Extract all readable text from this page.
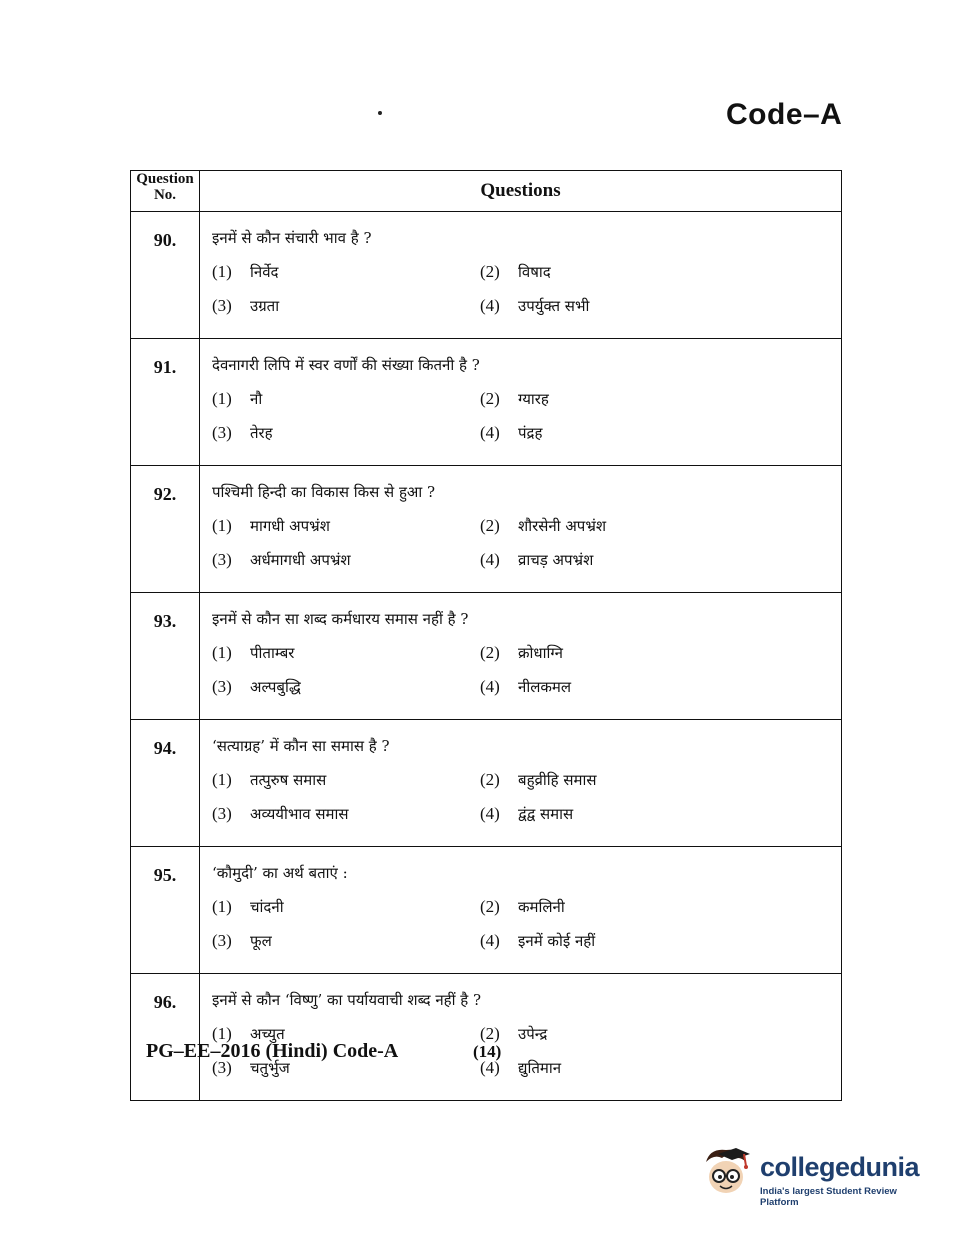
Code–A
Question No.	Questions
90.	इनमें से कौन संचारी भाव है ?
(1) निर्वेद (2) विषाद
(3) उग्रता (4) उपर्युक्त सभी

91.	देवनागरी लिपि में स्वर वर्णों की संख्या कितनी है ?
(1) नौ (2) ग्यारह
(3) तेरह (4) पंद्रह

92.	पश्चिमी हिन्दी का विकास किस से हुआ ?
(1) मागधी अपभ्रंश (2) शौरसेनी अपभ्रंश
(3) अर्धमागधी अपभ्रंश (4) व्राचड़ अपभ्रंश

93.	इनमें से कौन सा शब्द कर्मधारय समास नहीं है ?
(1) पीताम्बर (2) क्रोधाग्नि
(3) अल्पबुद्धि (4) नीलकमल

94.	‘सत्याग्रह’ में कौन सा समास है ?
(1) तत्पुरुष समास (2) बहुव्रीहि समास
(3) अव्ययीभाव समास (4) द्वंद्व समास

95.	‘कौमुदी’ का अर्थ बताएं :
(1) चांदनी (2) कमलिनी
(3) फूल (4) इनमें कोई नहीं

96.	इनमें से कौन ‘विष्णु’ का पर्यायवाची शब्द नहीं है ?
(1) अच्युत (2) उपेन्द्र
(3) चतुर्भुज (4) द्युतिमान
PG–EE–2016 (Hindi) Code-A	(14)
collegedunia
India's largest Student Review Platform
